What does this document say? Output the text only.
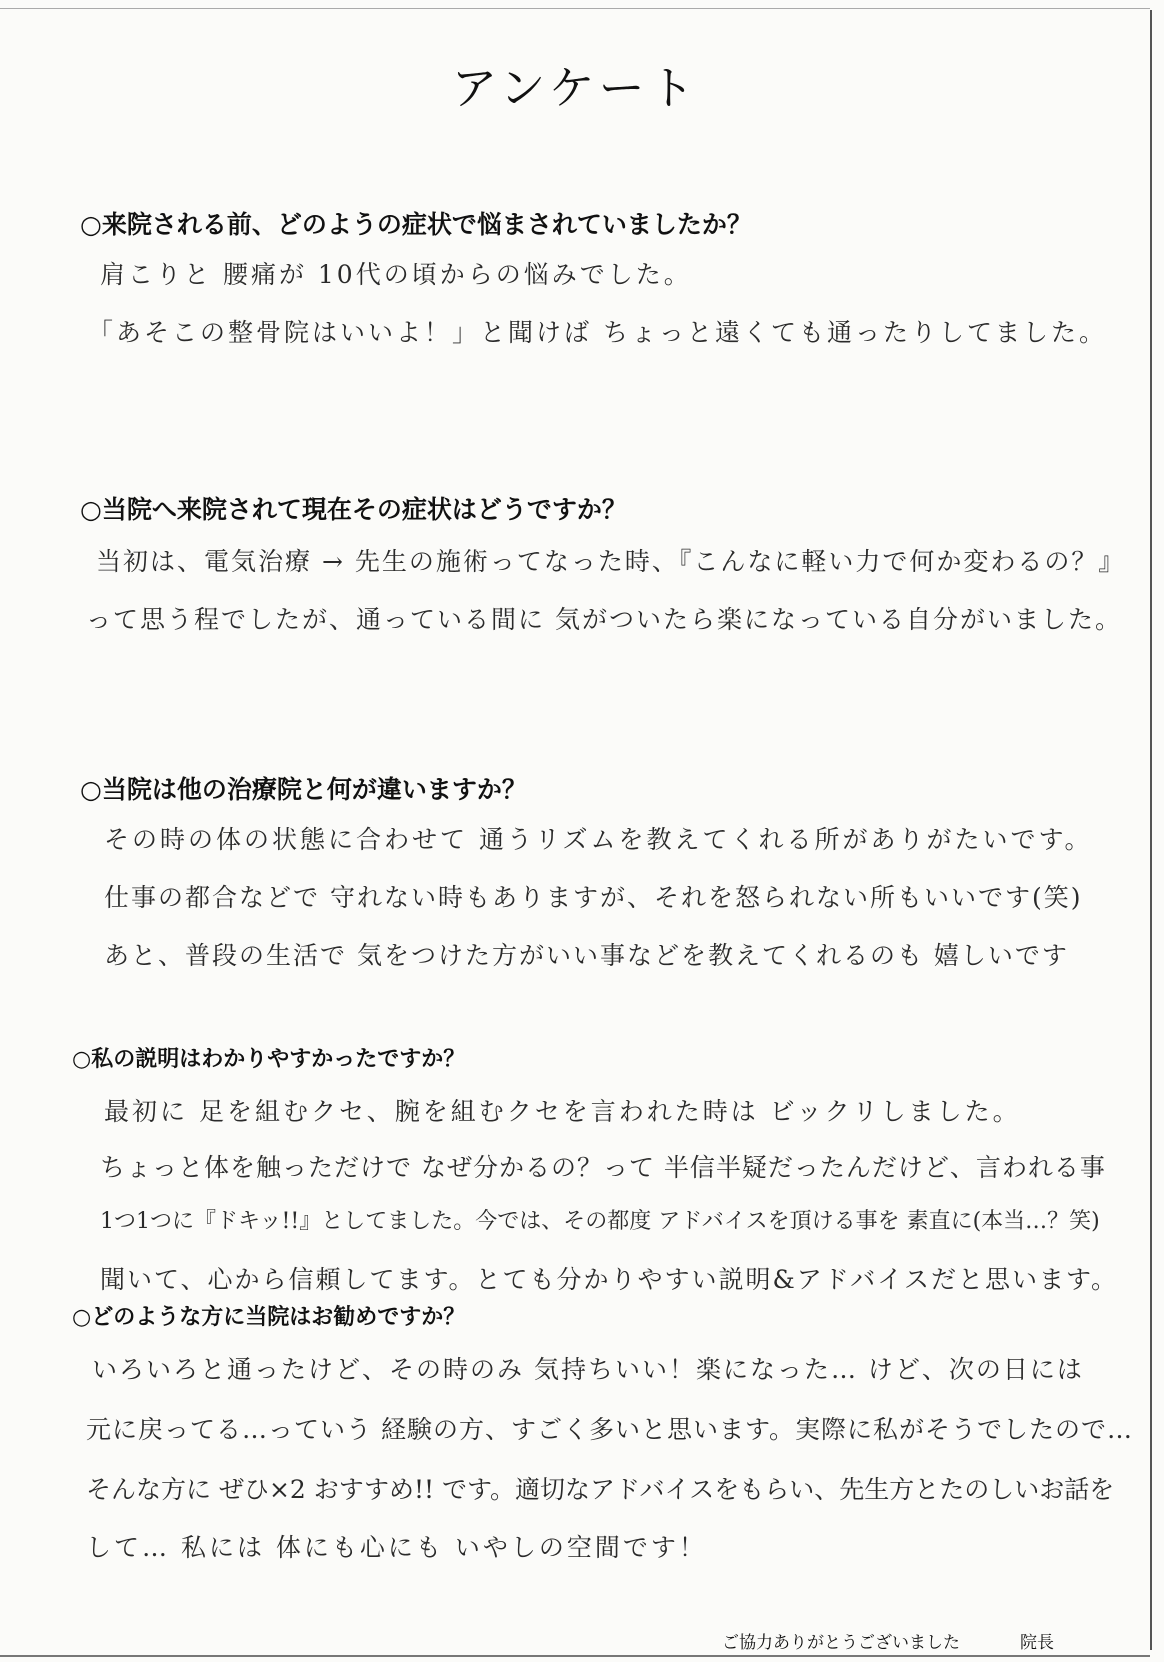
アンケート
○来院される前、どのようの症状で悩まされていましたか？
肩こりと 腰痛が 10代の頃からの悩みでした。
「あそこの整骨院はいいよ！」と聞けば ちょっと遠くても通ったりしてました。
○当院へ来院されて現在その症状はどうですか？
当初は、電気治療 → 先生の施術ってなった時、『こんなに軽い力で何か変わるの？』
って思う程でしたが、通っている間に 気がついたら楽になっている自分がいました。
○当院は他の治療院と何が違いますか？
その時の体の状態に合わせて 通うリズムを教えてくれる所がありがたいです。
仕事の都合などで 守れない時もありますが、それを怒られない所もいいです(笑)
あと、普段の生活で 気をつけた方がいい事などを教えてくれるのも 嬉しいです
○私の説明はわかりやすかったですか？
最初に 足を組むクセ、腕を組むクセを言われた時は ビックリしました。
ちょっと体を触っただけで なぜ分かるの？って 半信半疑だったんだけど、言われる事
1つ1つに『ドキッ!!』としてました。今では、その都度 アドバイスを頂ける事を 素直に(本当…？笑)
聞いて、心から信頼してます。とても分かりやすい説明&アドバイスだと思います。
○どのような方に当院はお勧めですか？
いろいろと通ったけど、その時のみ 気持ちいい！楽になった… けど、次の日には
元に戻ってる…っていう 経験の方、すごく多いと思います。実際に私がそうでしたので…
そんな方に ぜひ×2 おすすめ!! です。適切なアドバイスをもらい、先生方とたのしいお話を
して… 私には 体にも心にも いやしの空間です！
ご協力ありがとうございました	院長
